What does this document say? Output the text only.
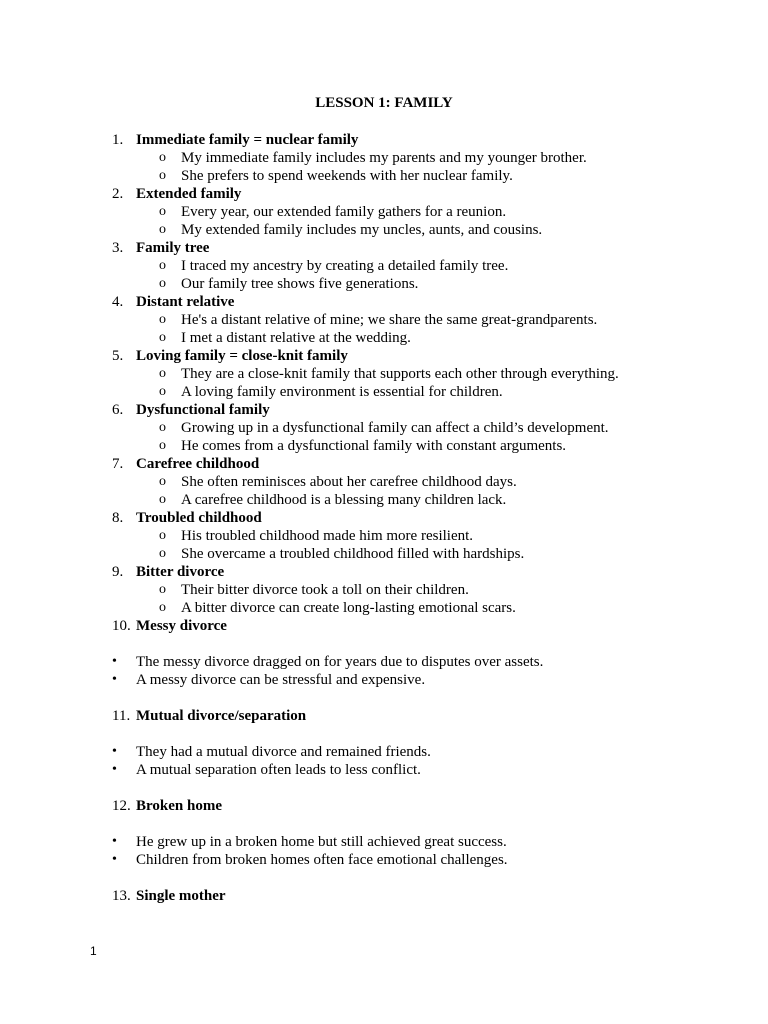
LESSON 1: FAMILY
1. Immediate family = nuclear family
o My immediate family includes my parents and my younger brother.
o She prefers to spend weekends with her nuclear family.
2. Extended family
o Every year, our extended family gathers for a reunion.
o My extended family includes my uncles, aunts, and cousins.
3. Family tree
o I traced my ancestry by creating a detailed family tree.
o Our family tree shows five generations.
4. Distant relative
o He's a distant relative of mine; we share the same great-grandparents.
o I met a distant relative at the wedding.
5. Loving family = close-knit family
o They are a close-knit family that supports each other through everything.
o A loving family environment is essential for children.
6. Dysfunctional family
o Growing up in a dysfunctional family can affect a child’s development.
o He comes from a dysfunctional family with constant arguments.
7. Carefree childhood
o She often reminisces about her carefree childhood days.
o A carefree childhood is a blessing many children lack.
8. Troubled childhood
o His troubled childhood made him more resilient.
o She overcame a troubled childhood filled with hardships.
9. Bitter divorce
o Their bitter divorce took a toll on their children.
o A bitter divorce can create long-lasting emotional scars.
10. Messy divorce
• The messy divorce dragged on for years due to disputes over assets.
• A messy divorce can be stressful and expensive.
11. Mutual divorce/separation
• They had a mutual divorce and remained friends.
• A mutual separation often leads to less conflict.
12. Broken home
• He grew up in a broken home but still achieved great success.
• Children from broken homes often face emotional challenges.
13. Single mother
1
